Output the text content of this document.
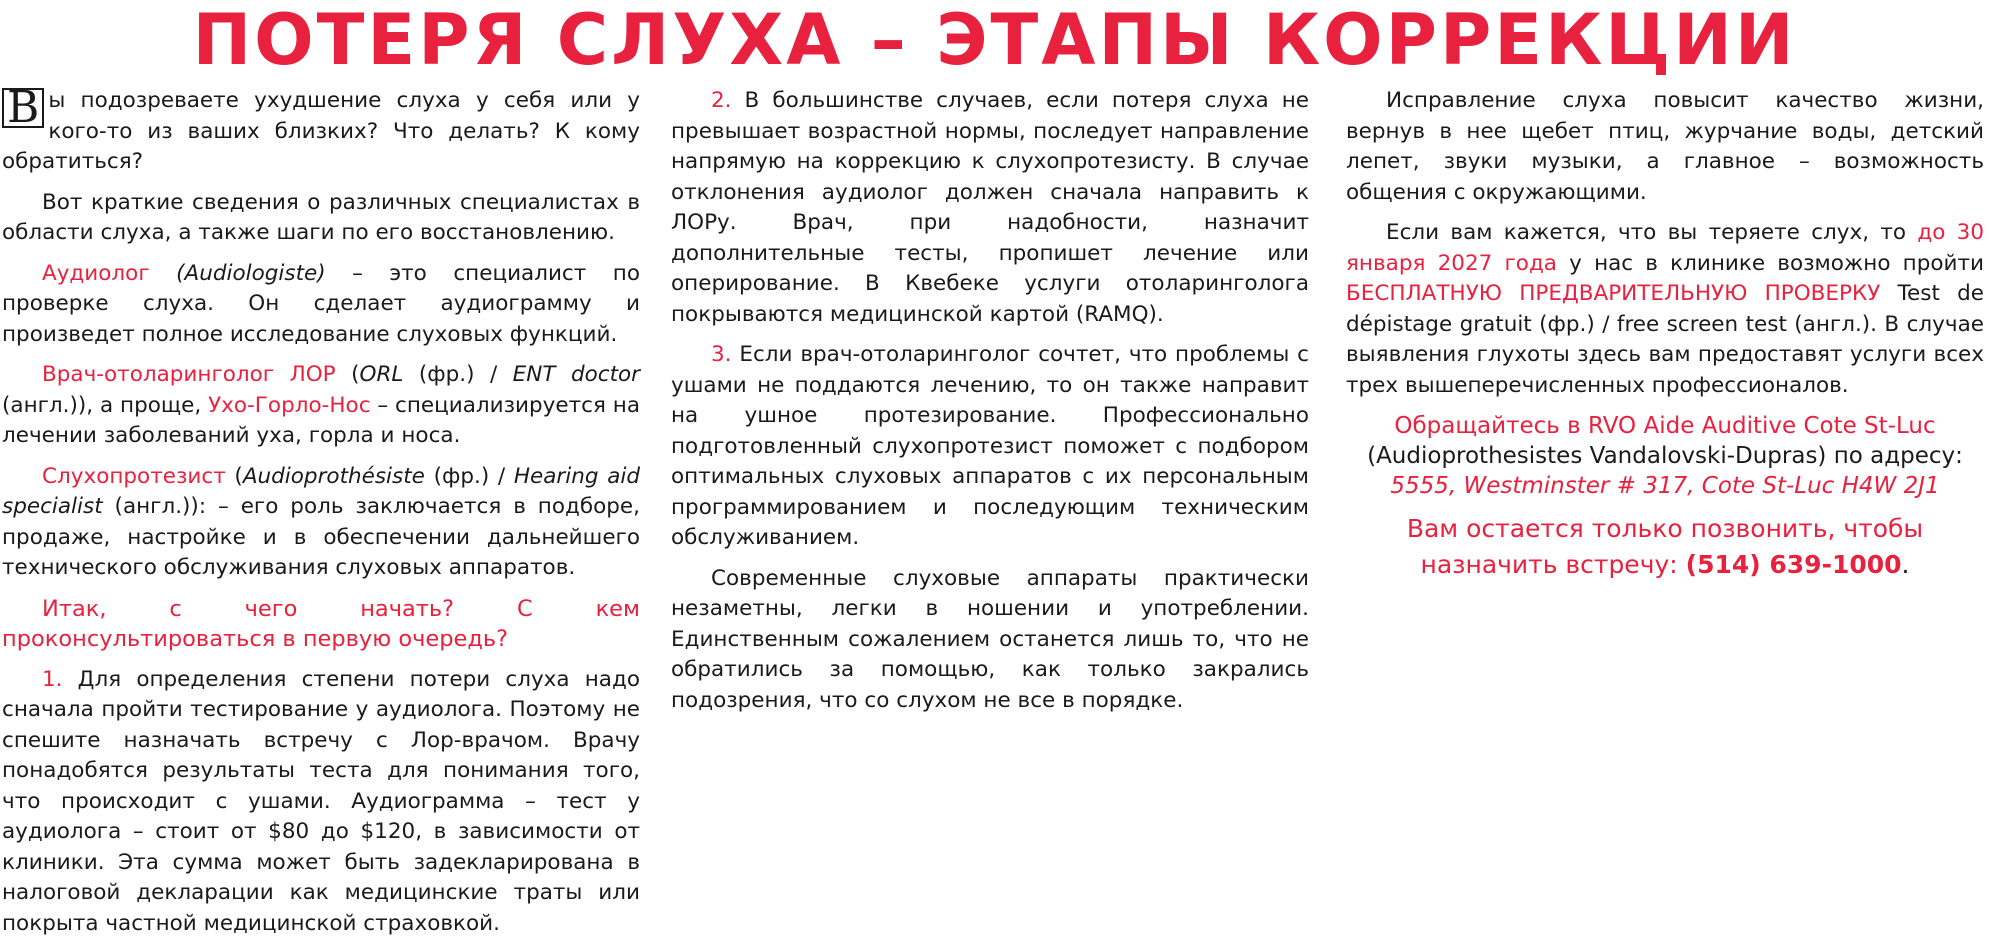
ПОТЕРЯ СЛУХА – ЭТАПЫ КОРРЕКЦИИ

В ы подозреваете ухудшение слуха у себя или у кого-то из ваших близких? Что делать? К кому обратиться?

Вот краткие сведения о различных специалистах в области слуха, а также шаги по его восстановлению.

Аудиолог (Audiologiste) – это специалист по проверке слуха. Он сделает аудиограмму и произведет полное исследование слуховых функций.

Врач-отоларинголог ЛОР (ORL (фр.) / ENT doctor (англ.)), а проще, Ухо-Горло-Нос – специализируется на лечении заболеваний уха, горла и носа.

Слухопротезист (Audioprothésiste (фр.) / Hearing aid specialist (англ.)): – его роль заключается в подборе, продаже, настройке и в обеспечении дальнейшего технического обслуживания слуховых аппаратов.

Итак, с чего начать? С кем проконсультироваться в первую очередь?

1. Для определения степени потери слуха надо сначала пройти тестирование у аудиолога. Поэтому не спешите назначать встречу с Лор-врачом. Врачу понадобятся результаты теста для понимания того, что происходит с ушами. Аудиограмма – тест у аудиолога – стоит от $80 до $120, в зависимости от клиники. Эта сумма может быть задекларирована в налоговой декларации как медицинские траты или покрыта частной медицинской страховкой.

2. В большинстве случаев, если потеря слуха не превышает возрастной нормы, последует направление напрямую на коррекцию к слухопротезисту. В случае отклонения аудиолог должен сначала направить к ЛОРу. Врач, при надобности, назначит дополнительные тесты, пропишет лечение или оперирование. В Квебеке услуги отоларинголога покрываются медицинской картой (RAMQ).

3. Если врач-отоларинголог сочтет, что проблемы с ушами не поддаются лечению, то он также направит на ушное протезирование. Профессионально подготовленный слухопротезист поможет с подбором оптимальных слуховых аппаратов с их персональным программированием и последующим техническим обслуживанием.

Современные слуховые аппараты практически незаметны, легки в ношении и употреблении. Единственным сожалением останется лишь то, что не обратились за помощью, как только закрались подозрения, что со слухом не все в порядке.

Исправление слуха повысит качество жизни, вернув в нее щебет птиц, журчание воды, детский лепет, звуки музыки, а главное – возможность общения с окружающими.

Если вам кажется, что вы теряете слух, то до 30 января 2027 года у нас в клинике возможно пройти БЕСПЛАТНУЮ ПРЕДВАРИТЕЛЬНУЮ ПРОВЕРКУ Test de dépistage gratuit (фр.) / free screen test (англ.). В случае выявления глухоты здесь вам предоставят услуги всех трех вышеперечисленных профессионалов.

Обращайтесь в RVO Aide Auditive Cote St-Luc
(Audioprothesistes Vandalovski-Dupras) по адресу:
5555, Westminster # 317, Cote St-Luc H4W 2J1

Вам остается только позвонить, чтобы назначить встречу: (514) 639-1000.
